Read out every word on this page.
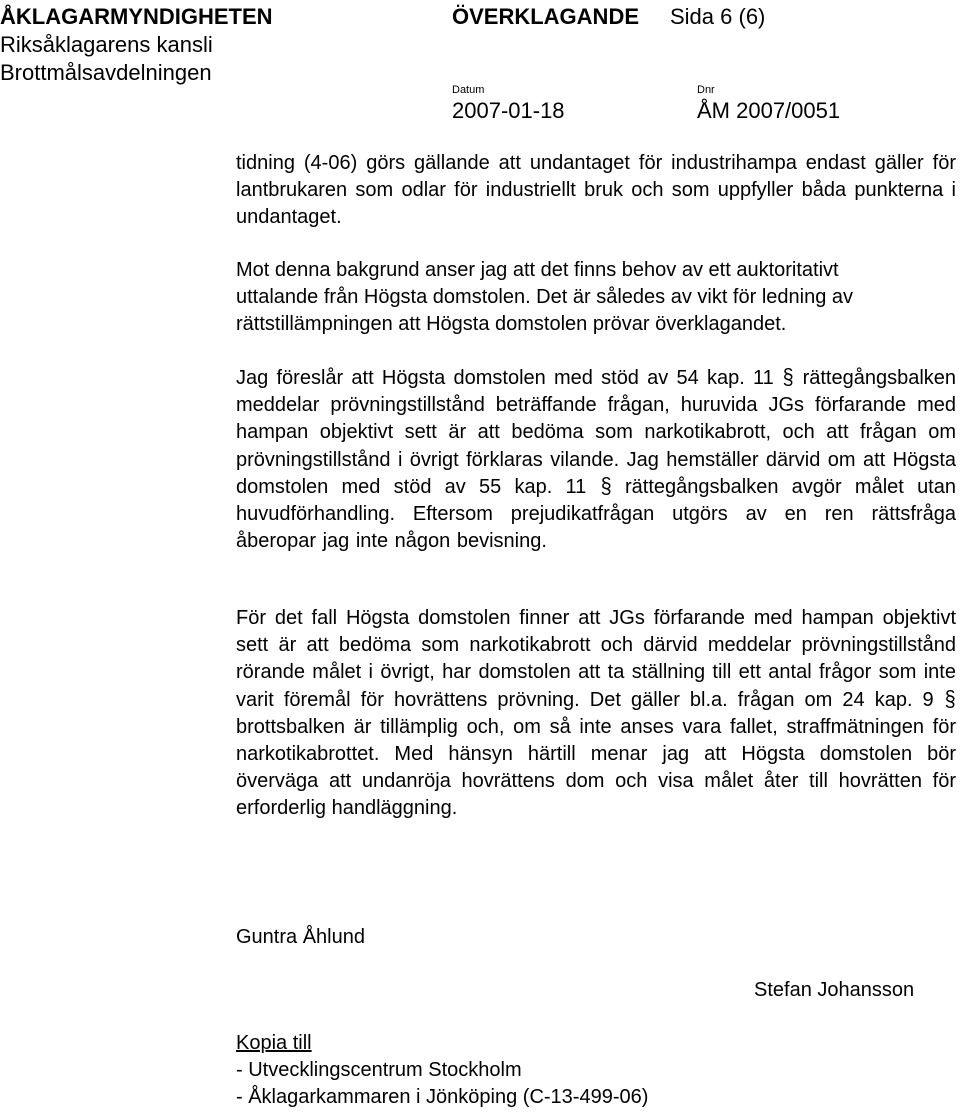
ÅKLAGARMYNDIGHETEN	ÖVERKLAGANDE Sida 6 (6)
Riksåklagarens kansli
Brottmålsavdelningen
Datum	Dnr
2007-01-18	ÅM 2007/0051

tidning (4-06) görs gällande att undantaget för industrihampa endast gäller för lantbrukaren som odlar för industriellt bruk och som uppfyller båda punkterna i undantaget.

Mot denna bakgrund anser jag att det finns behov av ett auktoritativt
uttalande från Högsta domstolen. Det är således av vikt för ledning av
rättstillämpningen att Högsta domstolen prövar överklagandet.

Jag föreslår att Högsta domstolen med stöd av 54 kap. 11 § rättegångsbalken meddelar prövningstillstånd beträffande frågan, huruvida JGs förfarande med hampan objektivt sett är att bedöma som narkotikabrott, och att frågan om prövningstillstånd i övrigt förklaras vilande. Jag hemställer därvid om att Högsta domstolen med stöd av 55 kap. 11 § rättegångsbalken avgör målet utan huvudförhandling. Eftersom prejudikatfrågan utgörs av en ren rättsfråga åberopar jag inte någon bevisning.

För det fall Högsta domstolen finner att JGs förfarande med hampan objektivt sett är att bedöma som narkotikabrott och därvid meddelar prövningstillstånd rörande målet i övrigt, har domstolen att ta ställning till ett antal frågor som inte varit föremål för hovrättens prövning. Det gäller bl.a. frågan om 24 kap. 9 § brottsbalken är tillämplig och, om så inte anses vara fallet, straffmätningen för narkotikabrottet. Med hänsyn härtill menar jag att Högsta domstolen bör överväga att undanröja hovrättens dom och visa målet åter till hovrätten för erforderlig handläggning.

Guntra Åhlund
Stefan Johansson
Kopia till
- Utvecklingscentrum Stockholm
- Åklagarkammaren i Jönköping (C-13-499-06)
